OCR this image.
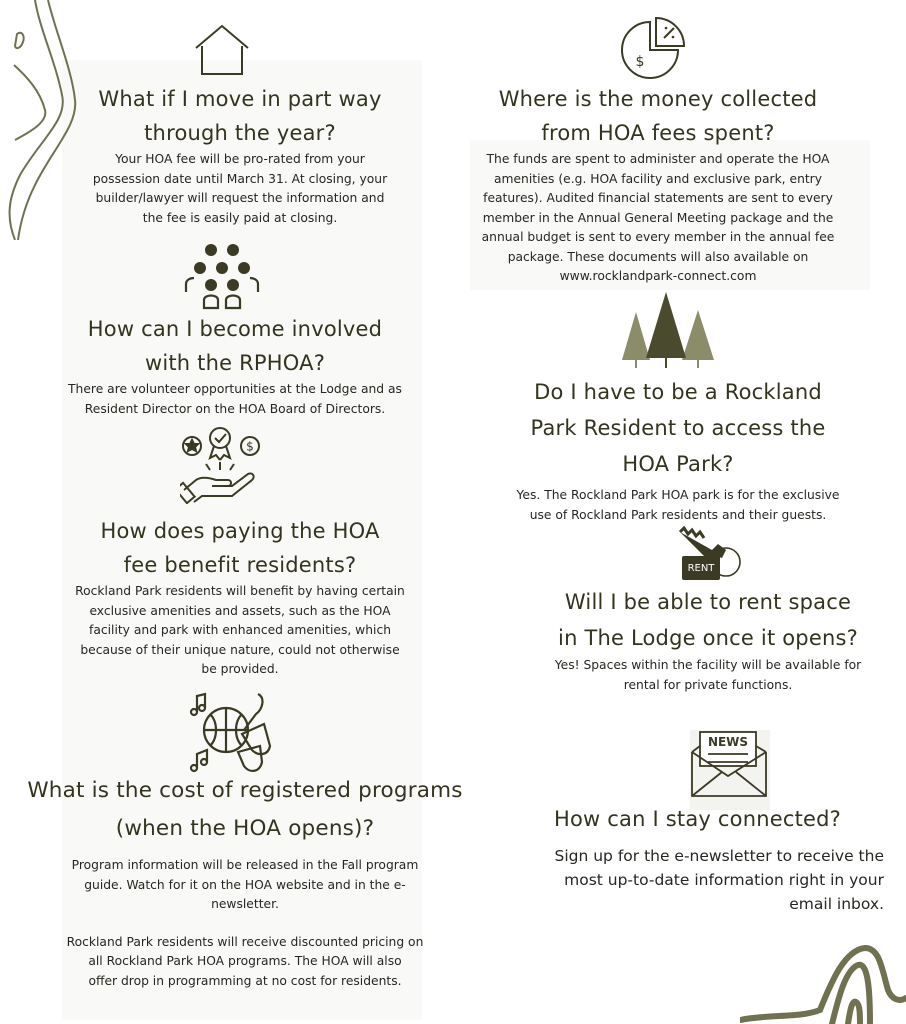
What if I move in part way
through the year?

Your HOA fee will be pro-rated from your
possession date until March 31. At closing, your
builder/lawyer will request the information and
the fee is easily paid at closing.

How can I become involved
with the RPHOA?

There are volunteer opportunities at the Lodge and as
Resident Director on the HOA Board of Directors.

$
How does paying the HOA
fee benefit residents?

Rockland Park residents will benefit by having certain
exclusive amenities and assets, such as the HOA
facility and park with enhanced amenities, which
because of their unique nature, could not otherwise
be provided.

What is the cost of registered programs
(when the HOA opens)?

Program information will be released in the Fall program
guide. Watch for it on the HOA website and in the e-
newsletter.

Rockland Park residents will receive discounted pricing on
all Rockland Park HOA programs. The HOA will also
offer drop in programming at no cost for residents.

$
Where is the money collected
from HOA fees spent?

The funds are spent to administer and operate the HOA
amenities (e.g. HOA facility and exclusive park, entry
features). Audited financial statements are sent to every
member in the Annual General Meeting package and the
annual budget is sent to every member in the annual fee
package. These documents will also available on
www.rocklandpark-connect.com

Do I have to be a Rockland
Park Resident to access the
HOA Park?

Yes. The Rockland Park HOA park is for the exclusive
use of Rockland Park residents and their guests.

RENT
Will I be able to rent space
in The Lodge once it opens?

Yes! Spaces within the facility will be available for
rental for private functions.

NEWS
How can I stay connected?

Sign up for the e-newsletter to receive the
most up-to-date information right in your
email inbox.
